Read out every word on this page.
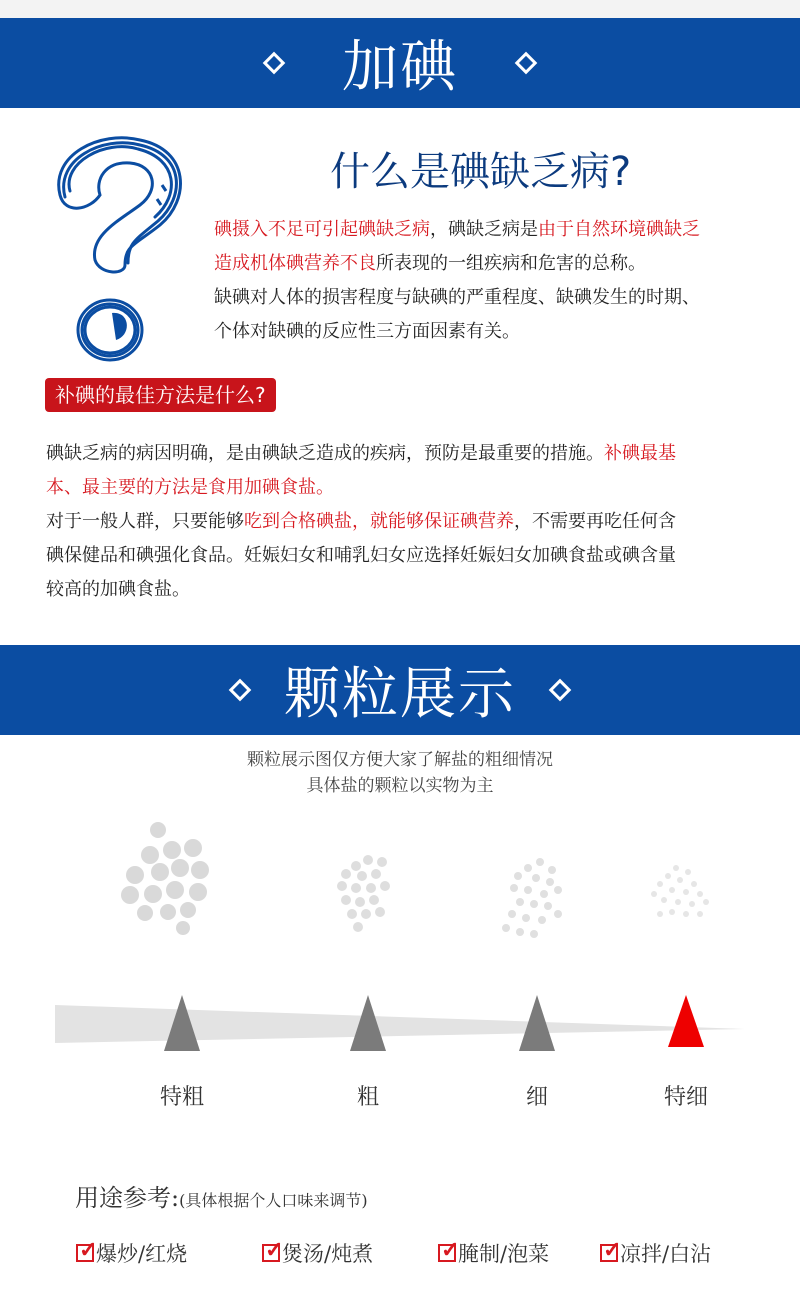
加碘
什么是碘缺乏病?
碘摄入不足可引起碘缺乏病，碘缺乏病是由于自然环境碘缺乏
造成机体碘营养不良所表现的一组疾病和危害的总称。
缺碘对人体的损害程度与缺碘的严重程度、缺碘发生的时期、
个体对缺碘的反应性三方面因素有关。
补碘的最佳方法是什么?
碘缺乏病的病因明确，是由碘缺乏造成的疾病，预防是最重要的措施。补碘最基
本、最主要的方法是食用加碘食盐。
对于一般人群，只要能够吃到合格碘盐，就能够保证碘营养，不需要再吃任何含
碘保健品和碘强化食品。妊娠妇女和哺乳妇女应选择妊娠妇女加碘食盐或碘含量
较高的加碘食盐。
颗粒展示
颗粒展示图仅方便大家了解盐的粗细情况
具体盐的颗粒以实物为主
特粗	粗	细	特细
用途参考:(具体根据个人口味来调节)
✓
爆炒/红烧 ✓	煲汤/炖煮 ✓	腌制/泡菜 ✓	凉拌/白沾
